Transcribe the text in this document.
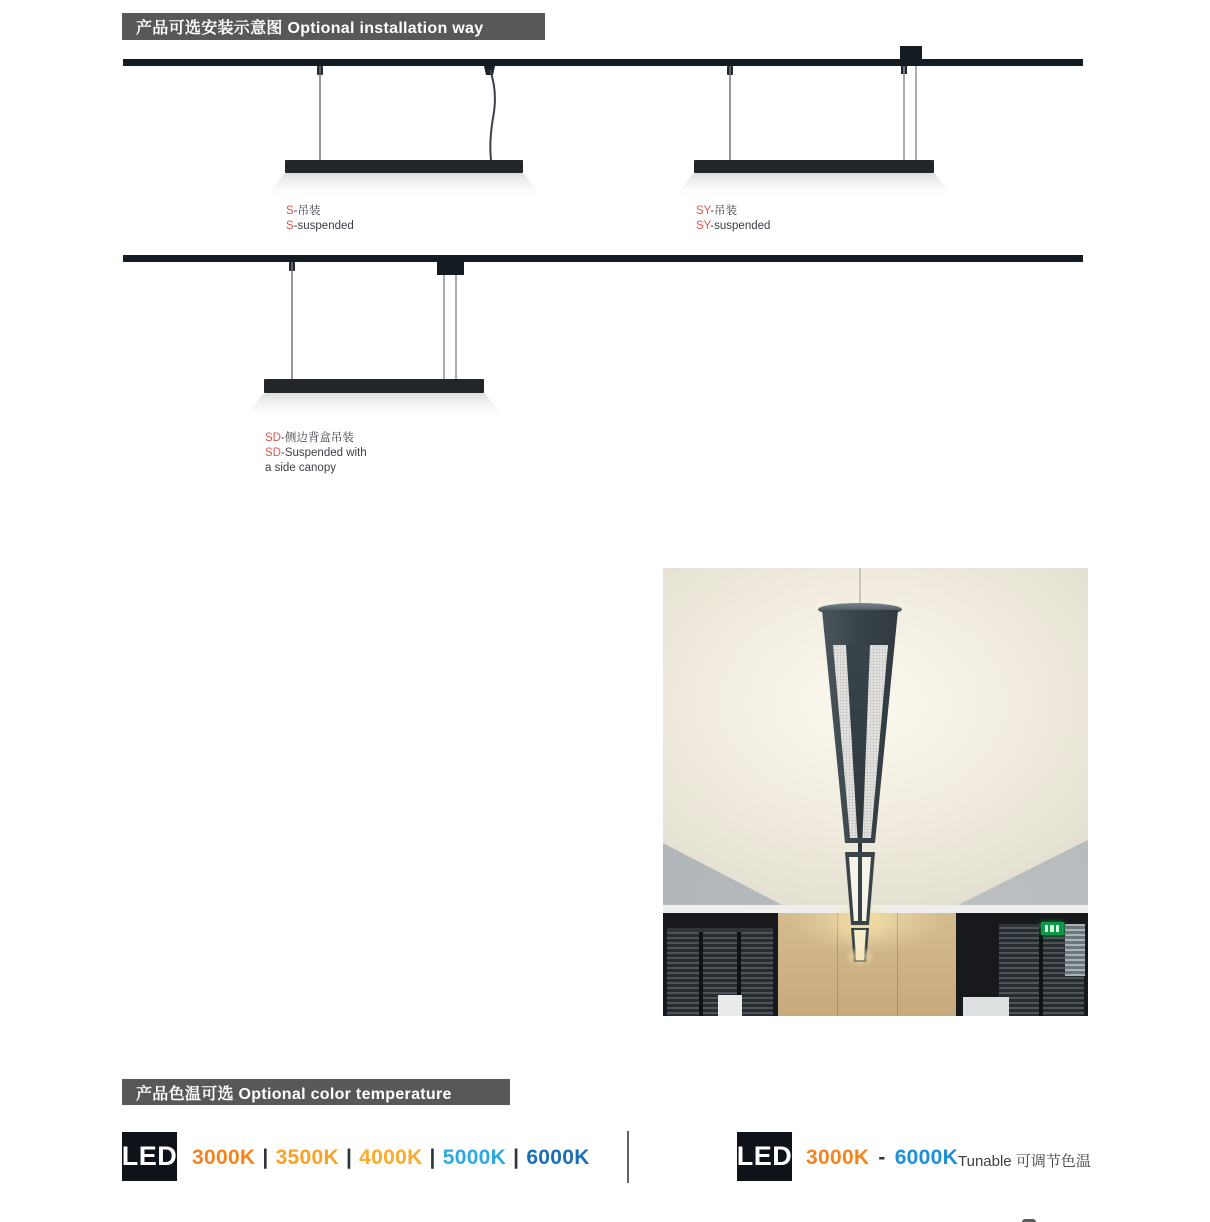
产品可选安装示意图 Optional installation way
S-吊装
S-suspended
SY-吊装
SY-suspended
SD-侧边背盒吊装
SD-Suspended with
a side canopy
产品色温可选 Optional color temperature
LED 3000K | 3500K | 4000K | 5000K | 6000K	LED 3000K - 6000K Tunable 可调节色温
